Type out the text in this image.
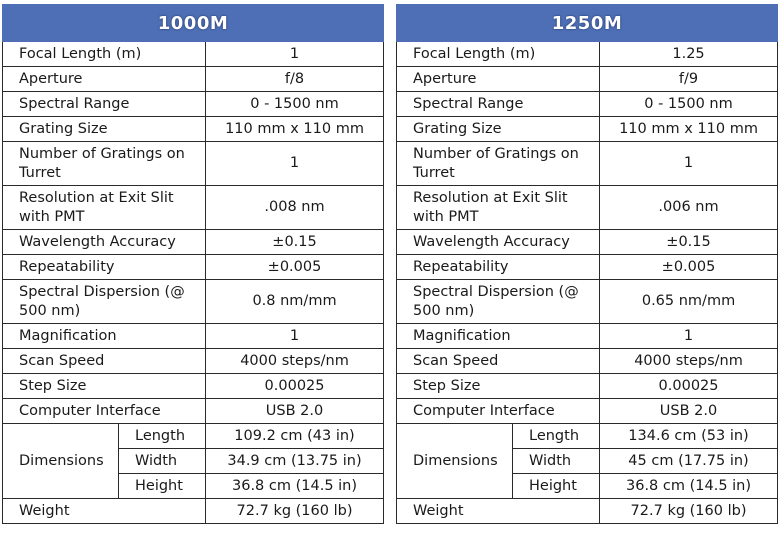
1000M		
Focal Length (m)		1
Aperture		f/8
Spectral Range		0 - 1500 nm
Grating Size		110 mm x 110 mm
Number of Gratings on Turret		1
Resolution at Exit Slit with PMT		.008 nm
Wavelength Accuracy		±0.15
Repeatability		±0.005
Spectral Dispersion (@ 500 nm)		0.8 nm/mm
Magnification		1
Scan Speed		4000 steps/nm
Step Size		0.00025
Computer Interface		USB 2.0
Dimensions	Length	109.2 cm (43 in)
	Width	34.9 cm (13.75 in)
	Height	36.8 cm (14.5 in)
Weight		72.7 kg (160 lb)
1250M		
Focal Length (m)		1.25
Aperture		f/9
Spectral Range		0 - 1500 nm
Grating Size		110 mm x 110 mm
Number of Gratings on Turret		1
Resolution at Exit Slit with PMT		.006 nm
Wavelength Accuracy		±0.15
Repeatability		±0.005
Spectral Dispersion (@ 500 nm)		0.65 nm/mm
Magnification		1
Scan Speed		4000 steps/nm
Step Size		0.00025
Computer Interface		USB 2.0
Dimensions	Length	134.6 cm (53 in)
	Width	45 cm (17.75 in)
	Height	36.8 cm (14.5 in)
Weight		72.7 kg (160 lb)
